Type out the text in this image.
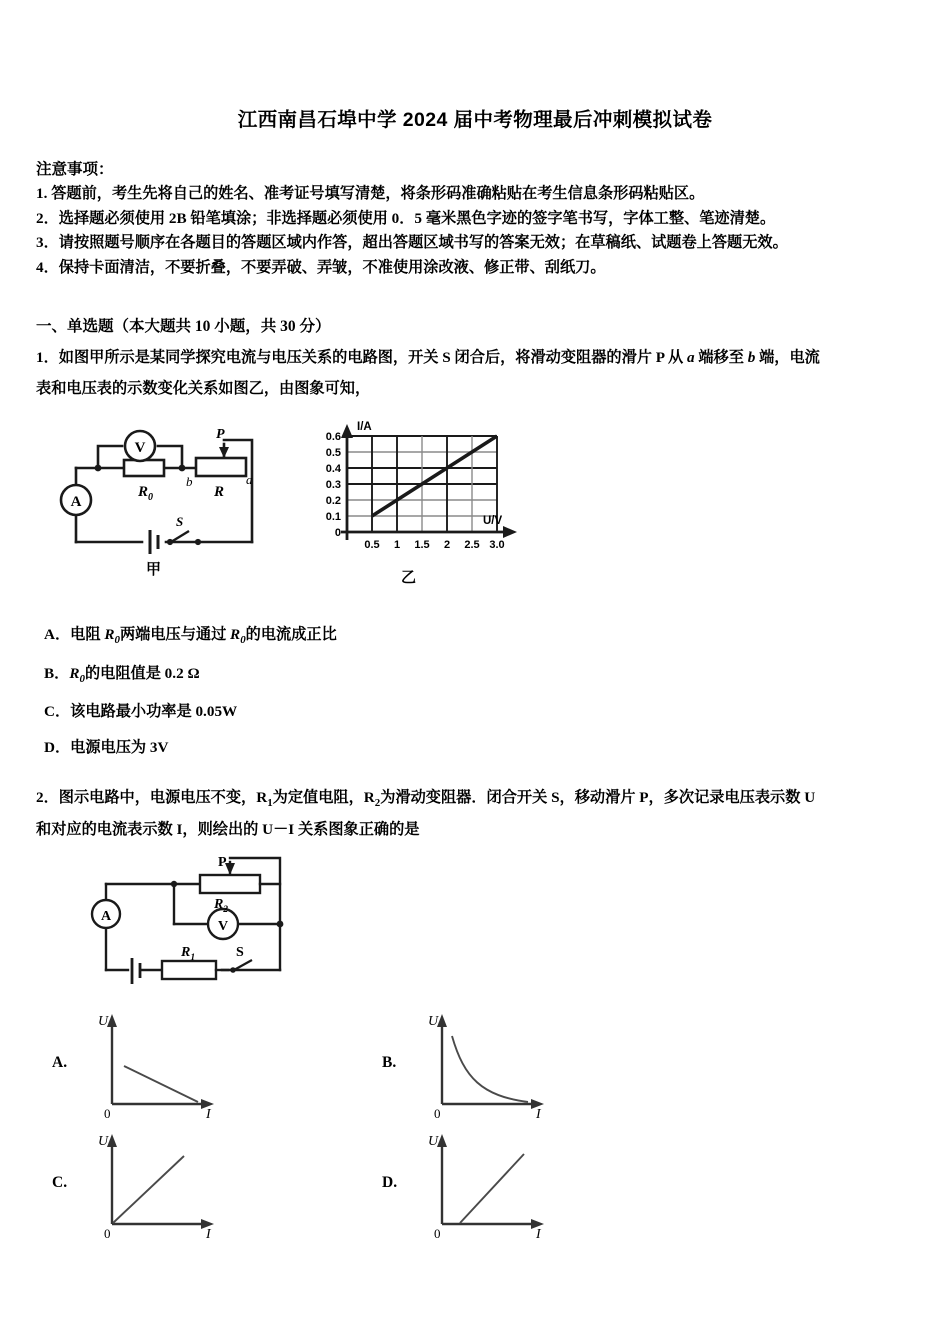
江西南昌石埠中学 2024 届中考物理最后冲刺模拟试卷
注意事项：
1. 答题前，考生先将自己的姓名、准考证号填写清楚，将条形码准确粘贴在考生信息条形码粘贴区。
2．选择题必须使用 2B 铅笔填涂；非选择题必须使用 0．5 毫米黑色字迹的签字笔书写，字体工整、笔迹清楚。
3．请按照题号顺序在各题目的答题区域内作答，超出答题区域书写的答案无效；在草稿纸、试题卷上答题无效。
4．保持卡面清洁，不要折叠，不要弄破、弄皱，不准使用涂改液、修正带、刮纸刀。
一、单选题（本大题共 10 小题，共 30 分）
1．如图甲所示是某同学探究电流与电压关系的电路图，开关 S 闭合后，将滑动变阻器的滑片 P 从 a 端移至 b 端，电流
表和电压表的示数变化关系如图乙，由图象可知，
V
A
$R_0$	R
P
b	a
S
甲
I/A
U/V
0
0.1
0.2
0.3
0.4
0.5
0.6
0.5 1 1.5 2 2.5 3.0
乙
A．电阻 $R_0$两端电压与通过 $R_0$的电流成正比
B．$R_0$的电阻值是 0.2 Ω
C．该电路最小功率是 0.05W
D．电源电压为 3V
2．图示电路中，电源电压不变，$R_1$为定值电阻，$R_2$为滑动变阻器．闭合开关 S，移动滑片 P，多次记录电压表示数 U
和对应的电流表示数 I，则绘出的 U－I 关系图象正确的是
A
V
P
$R_2$
$R_1$	S
A.
U
I
0
B.
U
I
0
C.
U
I
0
D.
U
I
0
